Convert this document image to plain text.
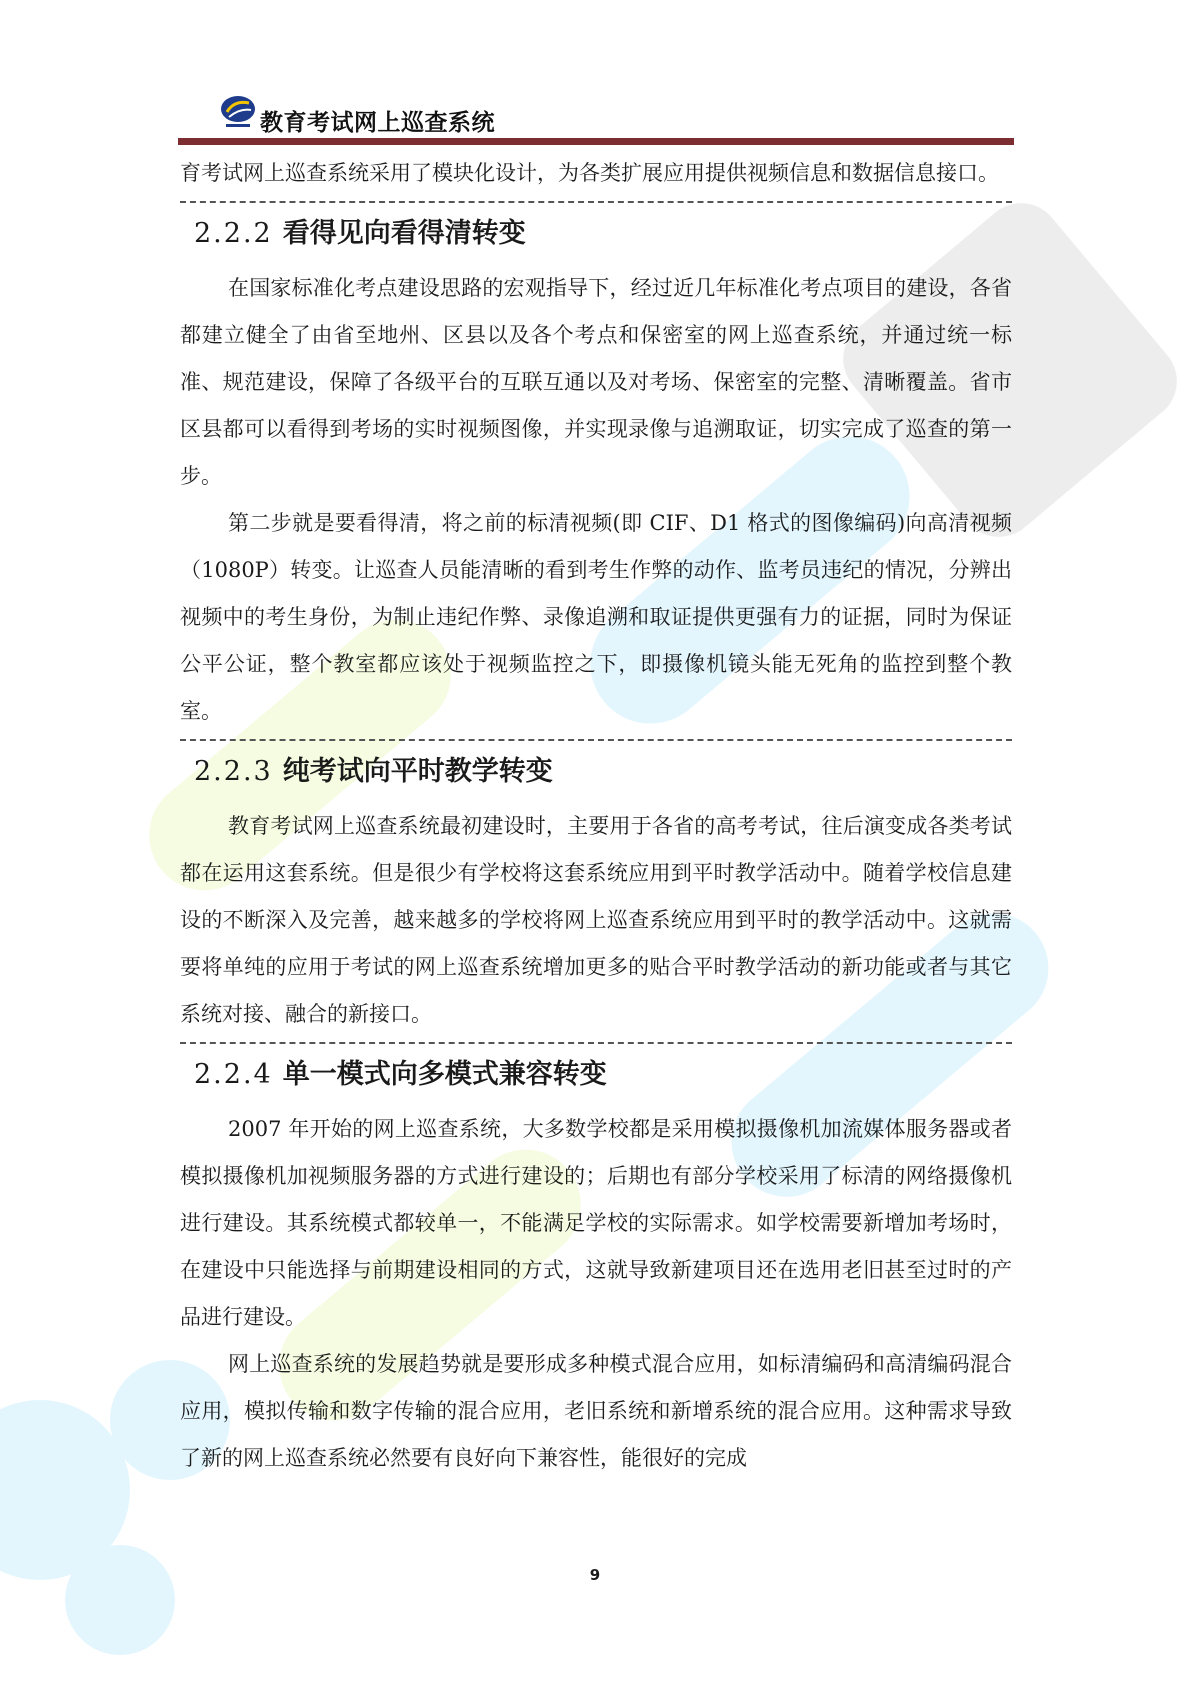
教育考试网上巡查系统

育考试网上巡查系统采用了模块化设计，为各类扩展应用提供视频信息和数据信息接口。

2.2.2 看得见向看得清转变

在国家标准化考点建设思路的宏观指导下，经过近几年标准化考点项目的建设，各省都建立健全了由省至地州、区县以及各个考点和保密室的网上巡查系统，并通过统一标准、规范建设，保障了各级平台的互联互通以及对考场、保密室的完整、清晰覆盖。省市区县都可以看得到考场的实时视频图像，并实现录像与追溯取证，切实完成了巡查的第一步。

第二步就是要看得清，将之前的标清视频(即 CIF、D1 格式的图像编码)向高清视频（1080P）转变。让巡查人员能清晰的看到考生作弊的动作、监考员违纪的情况，分辨出视频中的考生身份，为制止违纪作弊、录像追溯和取证提供更强有力的证据，同时为保证公平公证，整个教室都应该处于视频监控之下，即摄像机镜头能无死角的监控到整个教室。

2.2.3 纯考试向平时教学转变

教育考试网上巡查系统最初建设时，主要用于各省的高考考试，往后演变成各类考试都在运用这套系统。但是很少有学校将这套系统应用到平时教学活动中。随着学校信息建设的不断深入及完善，越来越多的学校将网上巡查系统应用到平时的教学活动中。这就需要将单纯的应用于考试的网上巡查系统增加更多的贴合平时教学活动的新功能或者与其它系统对接、融合的新接口。

2.2.4 单一模式向多模式兼容转变

2007 年开始的网上巡查系统，大多数学校都是采用模拟摄像机加流媒体服务器或者模拟摄像机加视频服务器的方式进行建设的；后期也有部分学校采用了标清的网络摄像机进行建设。其系统模式都较单一，不能满足学校的实际需求。如学校需要新增加考场时，在建设中只能选择与前期建设相同的方式，这就导致新建项目还在选用老旧甚至过时的产品进行建设。

网上巡查系统的发展趋势就是要形成多种模式混合应用，如标清编码和高清编码混合应用，模拟传输和数字传输的混合应用，老旧系统和新增系统的混合应用。这种需求导致了新的网上巡查系统必然要有良好向下兼容性，能很好的完成

9
